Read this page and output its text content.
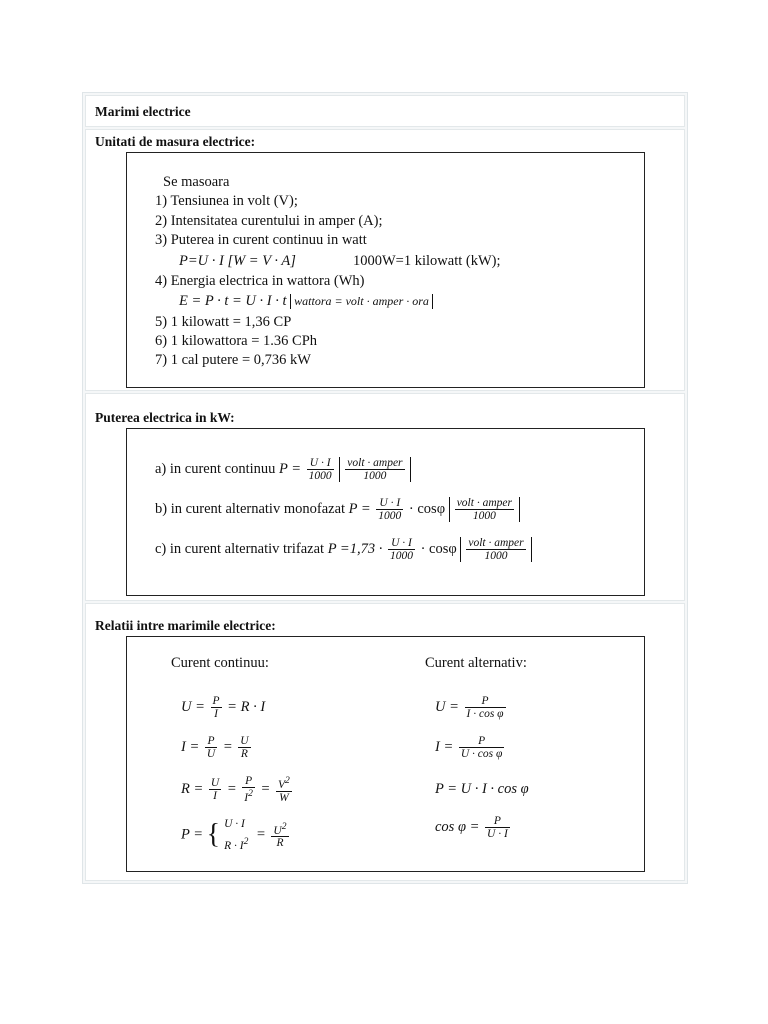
Marimi electrice
Unitati de masura electrice:
Se masoara
1) Tensiunea in volt (V);
2) Intensitatea curentului in amper (A);
3) Puterea in curent continuu in watt
P=U · I [W = V · A]	1000W=1 kilowatt (kW);
4) Energia electrica in wattora (Wh)
E = P · t = U · I · t wattora = volt · amper · ora
5) 1 kilowatt = 1,36 CP
6) 1 kilowattora = 1.36 CPh
7) 1 cal putere = 0,736 kW
Puterea electrica in kW:
a) in curent continuu $P = \frac{U \cdot I}{1000}$
$\frac{\text{volt · amper}}{1000}$
b) in curent alternativ monofazat $P = \frac{U \cdot I}{1000} \cdot \cos\varphi \frac{\text{volt · amper}}{1000}$
c) in curent alternativ trifazat $P =1,73 \cdot \frac{U \cdot I}{1000} \cdot \cos\varphi \frac{\text{volt · amper}}{1000}$
Relatii intre marimile electrice:
Curent continuu:	Curent alternativ:
$U = \frac{P}{I} = R \cdot I$
$I = \frac{P}{U} = \frac{U}{R}$
$R = \frac{U}{I} = \frac{P}{I^2} = \frac{V^2}{W}$
P = { U · I
$R \cdot I^2 = \frac{U^2}{R}$
$U = \frac{P}{\text{I · cos φ}}$
$I = \frac{P}{\text{U · cos φ}}$
P = U · I · cos φ
$\cos \varphi = \frac{P}{U \cdot I}$
